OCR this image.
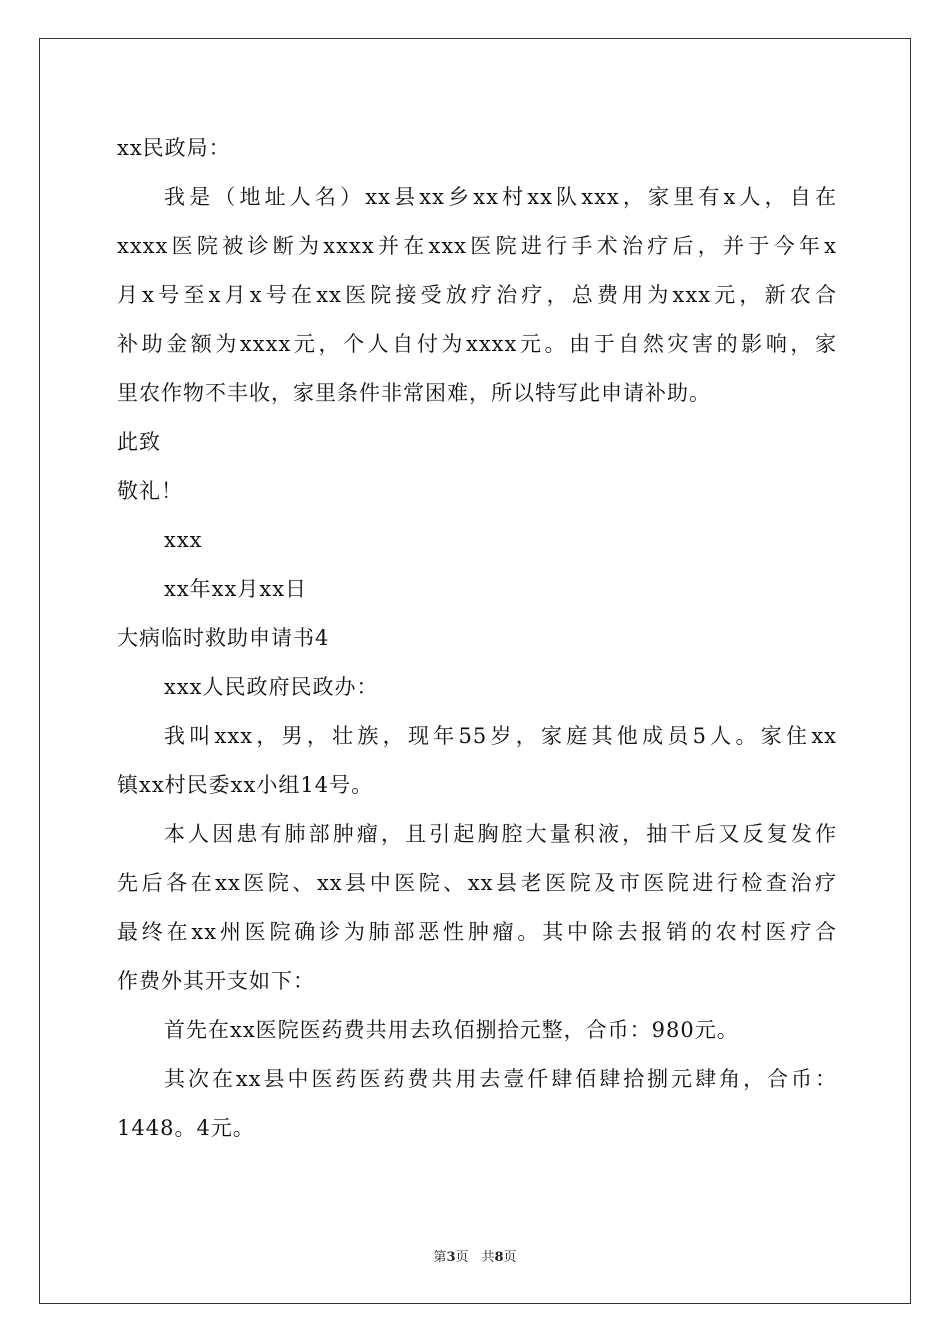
xx民政局：
我是（地址人名）xx县xx乡xx村xx队xxx，家里有x人，自在
xxxx医院被诊断为xxxx并在xxx医院进行手术治疗后，并于今年x
月x号至x月x号在xx医院接受放疗治疗，总费用为xxx元，新农合
补助金额为xxxx元，个人自付为xxxx元。由于自然灾害的影响，家
里农作物不丰收，家里条件非常困难，所以特写此申请补助。
此致
敬礼！
xxx
xx年xx月xx日
大病临时救助申请书4
xxx人民政府民政办：
我叫xxx，男，壮族，现年55岁，家庭其他成员5人。家住xx
镇xx村民委xx小组14号。
本人因患有肺部肿瘤，且引起胸腔大量积液，抽干后又反复发作
先后各在xx医院、xx县中医院、xx县老医院及市医院进行检查治疗
最终在xx州医院确诊为肺部恶性肿瘤。其中除去报销的农村医疗合
作费外其开支如下：
首先在xx医院医药费共用去玖佰捌拾元整，合币：980元。
其次在xx县中医药医药费共用去壹仟肆佰肆拾捌元肆角，合币：
1448。4元。
第3页　共8页
